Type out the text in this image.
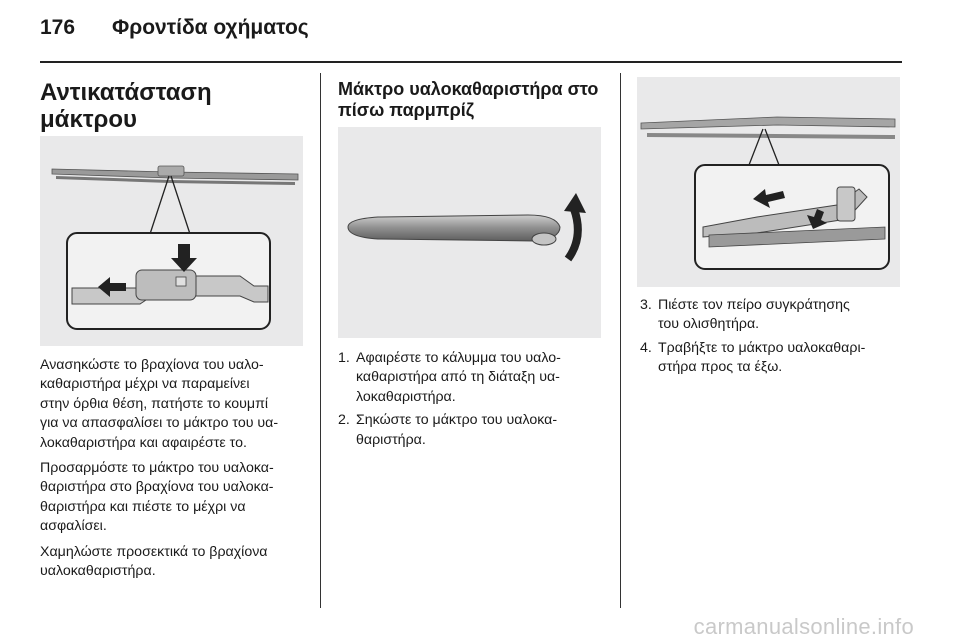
176 Φροντίδα οχήματος
Αντικατάσταση μάκτρου
Ανασηκώστε το βραχίονα του υαλο-
καθαριστήρα μέχρι να παραμείνει
στην όρθια θέση, πατήστε το κουμπί
για να απασφαλίσει το μάκτρο του υα-
λοκαθαριστήρα και αφαιρέστε το.
Προσαρμόστε το μάκτρο του υαλοκα-
θαριστήρα στο βραχίονα του υαλοκα-
θαριστήρα και πιέστε το μέχρι να
ασφαλίσει.
Χαμηλώστε προσεκτικά το βραχίονα
υαλοκαθαριστήρα.
Μάκτρο υαλοκαθαριστήρα στο
πίσω παρμπρίζ
1. Αφαιρέστε το κάλυμμα του υαλο-
καθαριστήρα από τη διάταξη υα-
λοκαθαριστήρα.
2. Σηκώστε το μάκτρο του υαλοκα-
θαριστήρα.
3. Πιέστε τον πείρο συγκράτησης
του ολισθητήρα.
4. Τραβήξτε το μάκτρο υαλοκαθαρι-
στήρα προς τα έξω.
carmanualsonline.info
